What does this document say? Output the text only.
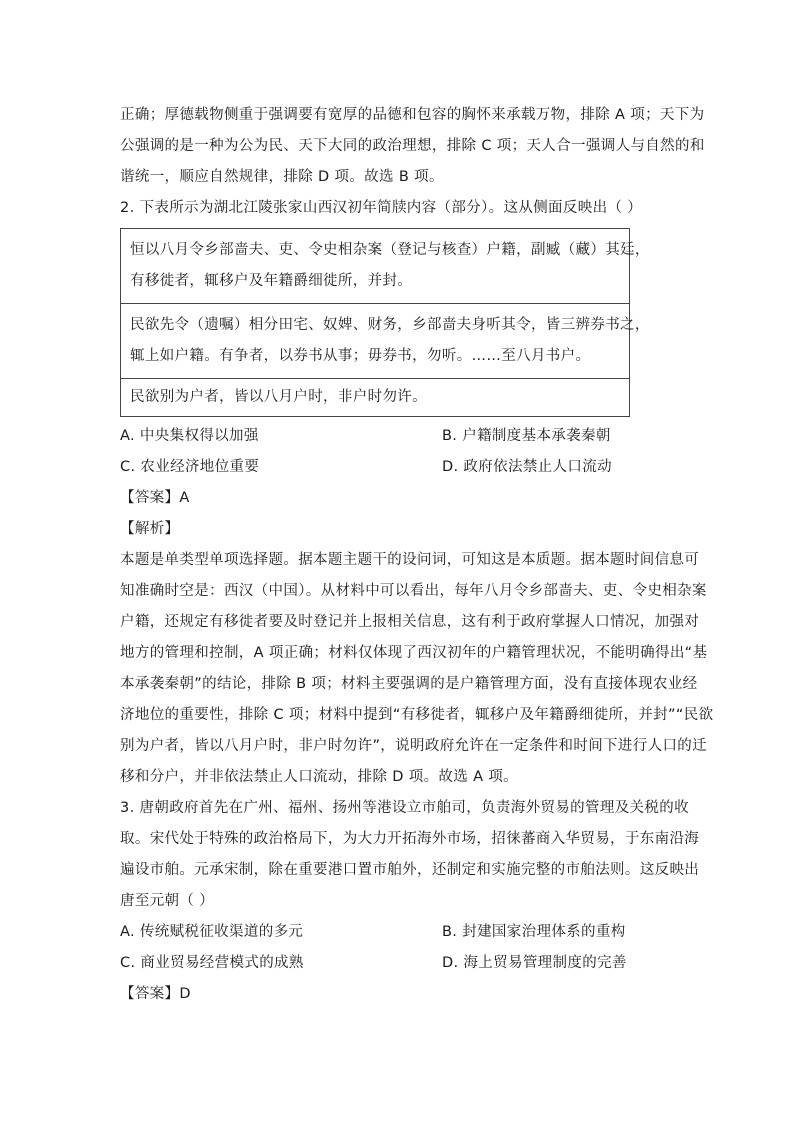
正确；厚德载物侧重于强调要有宽厚的品德和包容的胸怀来承载万物，排除 A 项；天下为
公强调的是一种为公为民、天下大同的政治理想，排除 C 项；天人合一强调人与自然的和
谐统一，顺应自然规律，排除 D 项。故选 B 项。
2. 下表所示为湖北江陵张家山西汉初年简牍内容（部分）。这从侧面反映出（ ）
恒以八月令乡部啬夫、吏、令史相杂案（登记与核查）户籍，副臧（藏）其廷，
有移徙者，辄移户及年籍爵细徙所，并封。
民欲先令（遗嘱）相分田宅、奴婢、财务，乡部啬夫身听其令，皆三辨券书之，
辄上如户籍。有争者，以券书从事；毋券书，勿听。……至八月书户。
民欲别为户者，皆以八月户时，非户时勿许。
A. 中央集权得以加强	B. 户籍制度基本承袭秦朝
C. 农业经济地位重要	D. 政府依法禁止人口流动
【答案】A
【解析】
本题是单类型单项选择题。据本题主题干的设问词，可知这是本质题。据本题时间信息可
知准确时空是：西汉（中国）。从材料中可以看出，每年八月令乡部啬夫、吏、令史相杂案
户籍，还规定有移徙者要及时登记并上报相关信息，这有利于政府掌握人口情况，加强对
地方的管理和控制，A 项正确；材料仅体现了西汉初年的户籍管理状况，不能明确得出“基
本承袭秦朝”的结论，排除 B 项；材料主要强调的是户籍管理方面，没有直接体现农业经
济地位的重要性，排除 C 项；材料中提到“有移徙者，辄移户及年籍爵细徙所，并封”“民欲
别为户者，皆以八月户时，非户时勿许”，说明政府允许在一定条件和时间下进行人口的迁
移和分户，并非依法禁止人口流动，排除 D 项。故选 A 项。
3. 唐朝政府首先在广州、福州、扬州等港设立市舶司，负责海外贸易的管理及关税的收
取。宋代处于特殊的政治格局下，为大力开拓海外市场，招徕蕃商入华贸易，于东南沿海
遍设市舶。元承宋制，除在重要港口置市舶外，还制定和实施完整的市舶法则。这反映出
唐至元朝（ ）
A. 传统赋税征收渠道的多元	B. 封建国家治理体系的重构
C. 商业贸易经营模式的成熟	D. 海上贸易管理制度的完善
【答案】D
